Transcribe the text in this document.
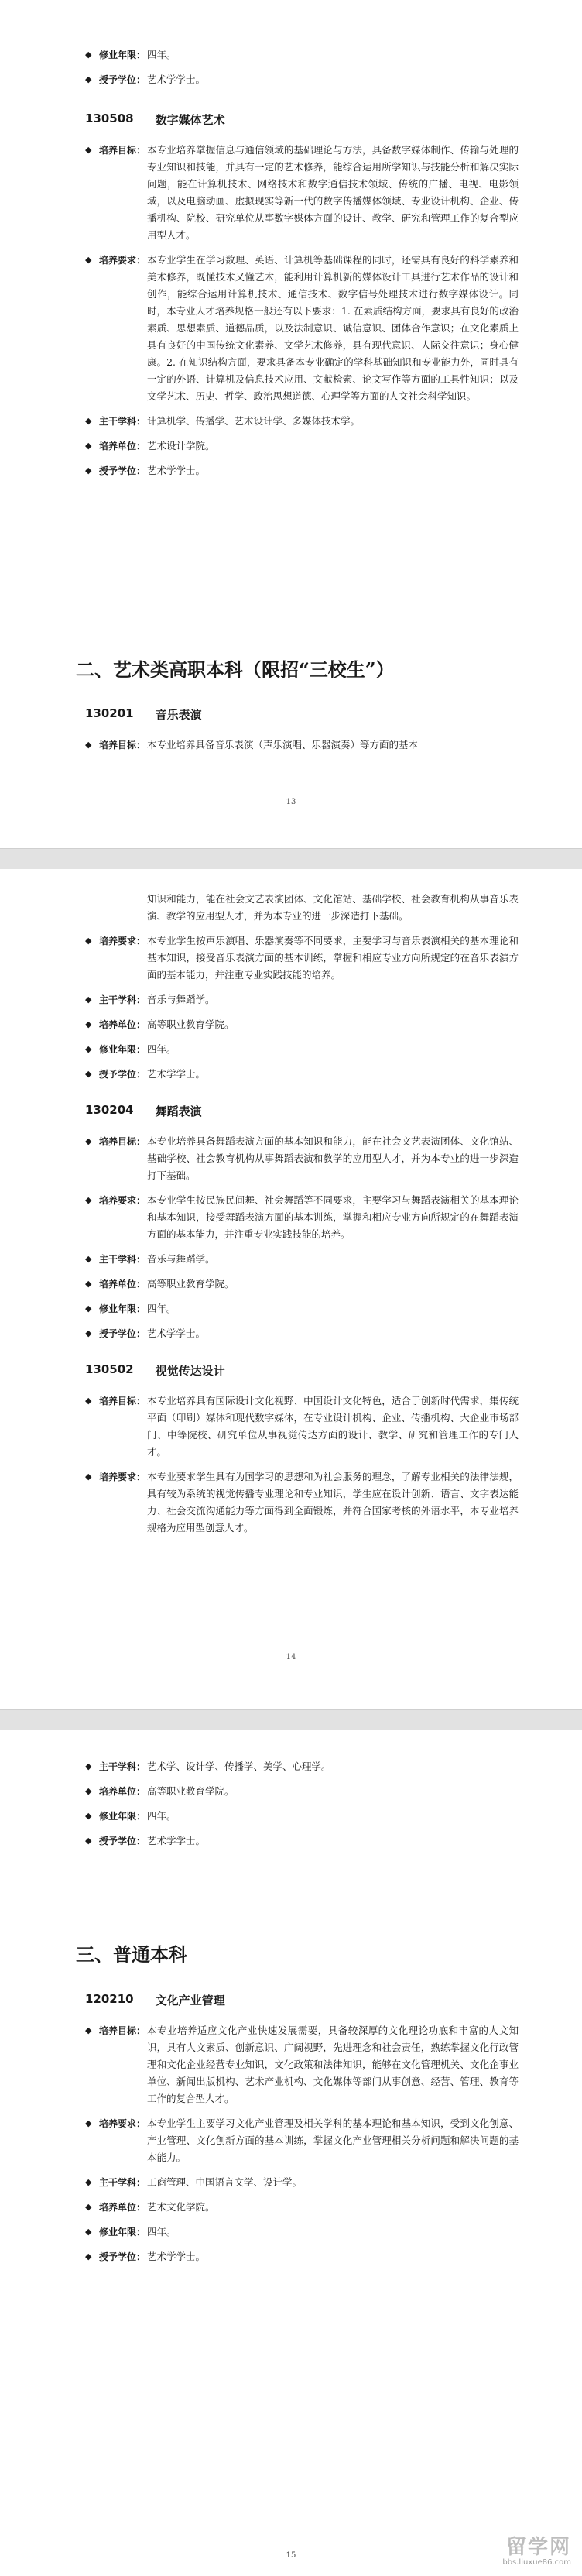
◆ 修业年限： 四年。
◆ 授予学位： 艺术学学士。
130508 数字媒体艺术
◆ 培养目标： 本专业培养掌握信息与通信领域的基础理论与方法，具备数字媒体制作、传输与处理的专业知识和技能，并具有一定的艺术修养，能综合运用所学知识与技能分析和解决实际问题，能在计算机技术、网络技术和数字通信技术领域、传统的广播、电视、电影领域，以及电脑动画、虚拟现实等新一代的数字传播媒体领域、专业设计机构、企业、传播机构、院校、研究单位从事数字媒体方面的设计、教学、研究和管理工作的复合型应用型人才。
◆ 培养要求： 本专业学生在学习数理、英语、计算机等基础课程的同时，还需具有良好的科学素养和美术修养，既懂技术又懂艺术，能利用计算机新的媒体设计工具进行艺术作品的设计和创作，能综合运用计算机技术、通信技术、数字信号处理技术进行数字媒体设计。同时，本专业人才培养规格一般还有以下要求：1. 在素质结构方面，要求具有良好的政治素质、思想素质、道德品质，以及法制意识、诚信意识、团体合作意识；在文化素质上具有良好的中国传统文化素养、文学艺术修养，具有现代意识、人际交往意识；身心健康。2. 在知识结构方面，要求具备本专业确定的学科基础知识和专业能力外，同时具有一定的外语、计算机及信息技术应用、文献检索、论文写作等方面的工具性知识；以及文学艺术、历史、哲学、政治思想道德、心理学等方面的人文社会科学知识。
◆ 主干学科： 计算机学、传播学、艺术设计学、多媒体技术学。
◆ 培养单位： 艺术设计学院。
◆ 授予学位： 艺术学学士。
二、艺术类高职本科（限招“三校生”）
130201 音乐表演
◆ 培养目标： 本专业培养具备音乐表演（声乐演唱、乐器演奏）等方面的基本
13
知识和能力，能在社会文艺表演团体、文化馆站、基础学校、社会教育机构从事音乐表演、教学的应用型人才，并为本专业的进一步深造打下基础。
◆ 培养要求： 本专业学生按声乐演唱、乐器演奏等不同要求，主要学习与音乐表演相关的基本理论和基本知识，接受音乐表演方面的基本训练，掌握和相应专业方向所规定的在音乐表演方面的基本能力，并注重专业实践技能的培养。
◆ 主干学科： 音乐与舞蹈学。
◆ 培养单位： 高等职业教育学院。
◆ 修业年限： 四年。
◆ 授予学位： 艺术学学士。
130204 舞蹈表演
◆ 培养目标： 本专业培养具备舞蹈表演方面的基本知识和能力，能在社会文艺表演团体、文化馆站、基础学校、社会教育机构从事舞蹈表演和教学的应用型人才，并为本专业的进一步深造打下基础。
◆ 培养要求： 本专业学生按民族民间舞、社会舞蹈等不同要求，主要学习与舞蹈表演相关的基本理论和基本知识，接受舞蹈表演方面的基本训练，掌握和相应专业方向所规定的在舞蹈表演方面的基本能力，并注重专业实践技能的培养。
◆ 主干学科： 音乐与舞蹈学。
◆ 培养单位： 高等职业教育学院。
◆ 修业年限： 四年。
◆ 授予学位： 艺术学学士。
130502 视觉传达设计
◆ 培养目标： 本专业培养具有国际设计文化视野、中国设计文化特色，适合于创新时代需求，集传统平面（印刷）媒体和现代数字媒体，在专业设计机构、企业、传播机构、大企业市场部门、中等院校、研究单位从事视觉传达方面的设计、教学、研究和管理工作的专门人才。
◆ 培养要求： 本专业要求学生具有为国学习的思想和为社会服务的理念，了解专业相关的法律法规，具有较为系统的视觉传播专业理论和专业知识，学生应在设计创新、语言、文字表达能力、社会交流沟通能力等方面得到全面锻炼，并符合国家考核的外语水平，本专业培养规格为应用型创意人才。
14
◆ 主干学科： 艺术学、设计学、传播学、美学、心理学。
◆ 培养单位： 高等职业教育学院。
◆ 修业年限： 四年。
◆ 授予学位： 艺术学学士。
三、普通本科
120210 文化产业管理
◆ 培养目标： 本专业培养适应文化产业快速发展需要，具备较深厚的文化理论功底和丰富的人文知识，具有人文素质、创新意识、广阔视野，先进理念和社会责任，熟练掌握文化行政管理和文化企业经营专业知识，文化政策和法律知识，能够在文化管理机关、文化企事业单位、新闻出版机构、艺术产业机构、文化媒体等部门从事创意、经营、管理、教育等工作的复合型人才。
◆ 培养要求： 本专业学生主要学习文化产业管理及相关学科的基本理论和基本知识，受到文化创意、产业管理、文化创新方面的基本训练，掌握文化产业管理相关分析问题和解决问题的基本能力。
◆ 主干学科： 工商管理、中国语言文学、设计学。
◆ 培养单位： 艺术文化学院。
◆ 修业年限： 四年。
◆ 授予学位： 艺术学学士。
15	留学网
bbs.liuxue86.com
